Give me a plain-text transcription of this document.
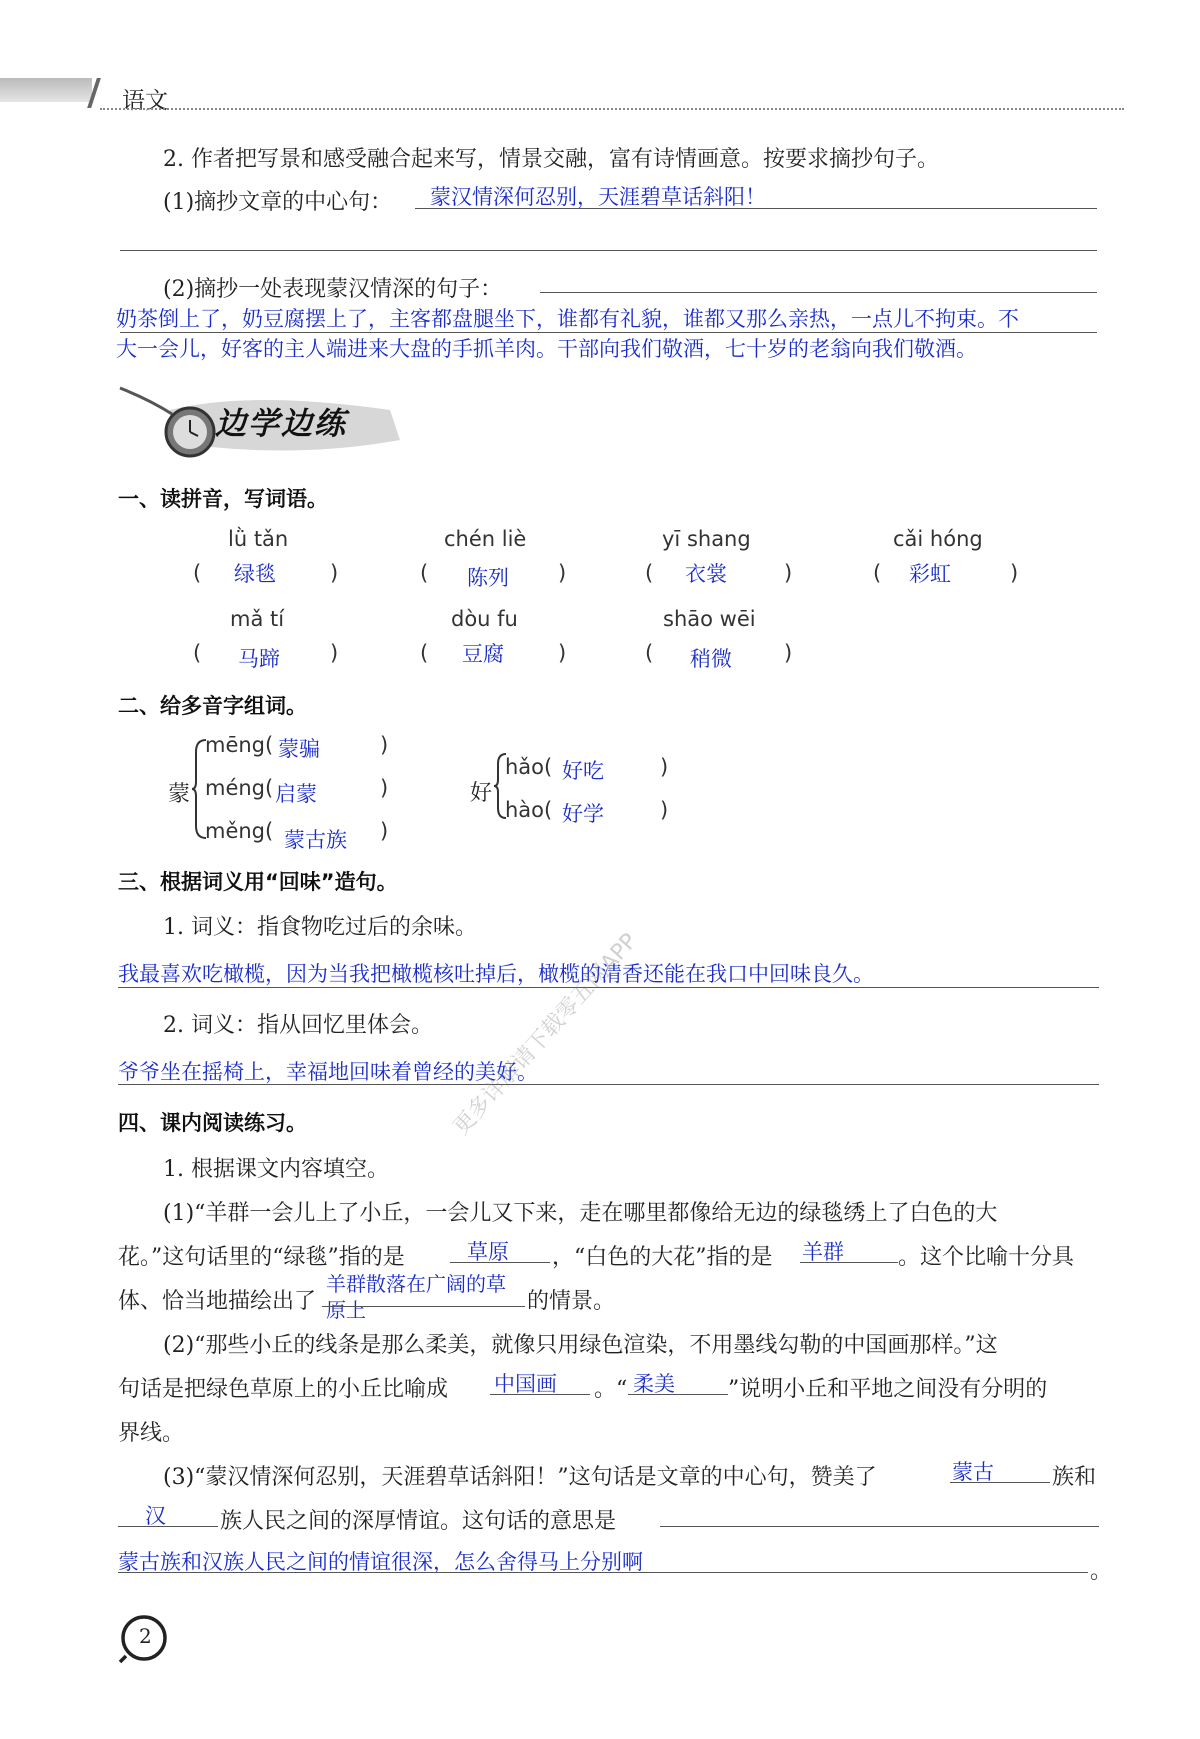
语文
2. 作者把写景和感受融合起来写，情景交融，富有诗情画意。按要求摘抄句子。
(1)摘抄文章的中心句： 蒙汉情深何忍别，天涯碧草话斜阳！
(2)摘抄一处表现蒙汉情深的句子：
奶茶倒上了，奶豆腐摆上了，主客都盘腿坐下，谁都有礼貌，谁都又那么亲热，一点儿不拘束。不
大一会儿，好客的主人端进来大盘的手抓羊肉。干部向我们敬酒，七十岁的老翁向我们敬酒。
边学边练
一、读拼音，写词语。
lǜ tǎn	chén liè	yī shang	cǎi hóng
( 绿毯	)	( 陈列 )	( 衣裳	)	( 彩虹	)
mǎ tí	dòu fu	shāo wēi
( 马蹄 )	( 豆腐	)	( 稍微 )
二、给多音字组词。
蒙
mēng( 蒙骗	)
méng( 启蒙	)
měng( 蒙古族 )
好
hǎo( 好吃	)
hào( 好学	)
三、根据词义用“回味”造句。
1. 词义：指食物吃过后的余味。
我最喜欢吃橄榄，因为当我把橄榄核吐掉后，橄榄的清香还能在我口中回味良久。
2. 词义：指从回忆里体会。
爷爷坐在摇椅上，幸福地回味着曾经的美好。
四、课内阅读练习。
1. 根据课文内容填空。
(1)“羊群一会儿上了小丘，一会儿又下来，走在哪里都像给无边的绿毯绣上了白色的大
花。”这句话里的“绿毯”指的是	草原 ，“白色的大花”指的是 羊群 。这个比喻十分具
体、恰当地描绘出了
羊群散落在广阔的草
原上	的情景。
(2)“那些小丘的线条是那么柔美，就像只用绿色渲染，不用墨线勾勒的中国画那样。”这
句话是把绿色草原上的小丘比喻成 中国画 。“ 柔美 ”说明小丘和平地之间没有分明的
界线。
(3)“蒙汉情深何忍别，天涯碧草话斜阳！”这句话是文章的中心句，赞美了	蒙古	族和
汉 族人民之间的深厚情谊。这句话的意思是
蒙古族和汉族人民之间的情谊很深，怎么舍得马上分别啊	。
更多详解请下载零五网APP
2
